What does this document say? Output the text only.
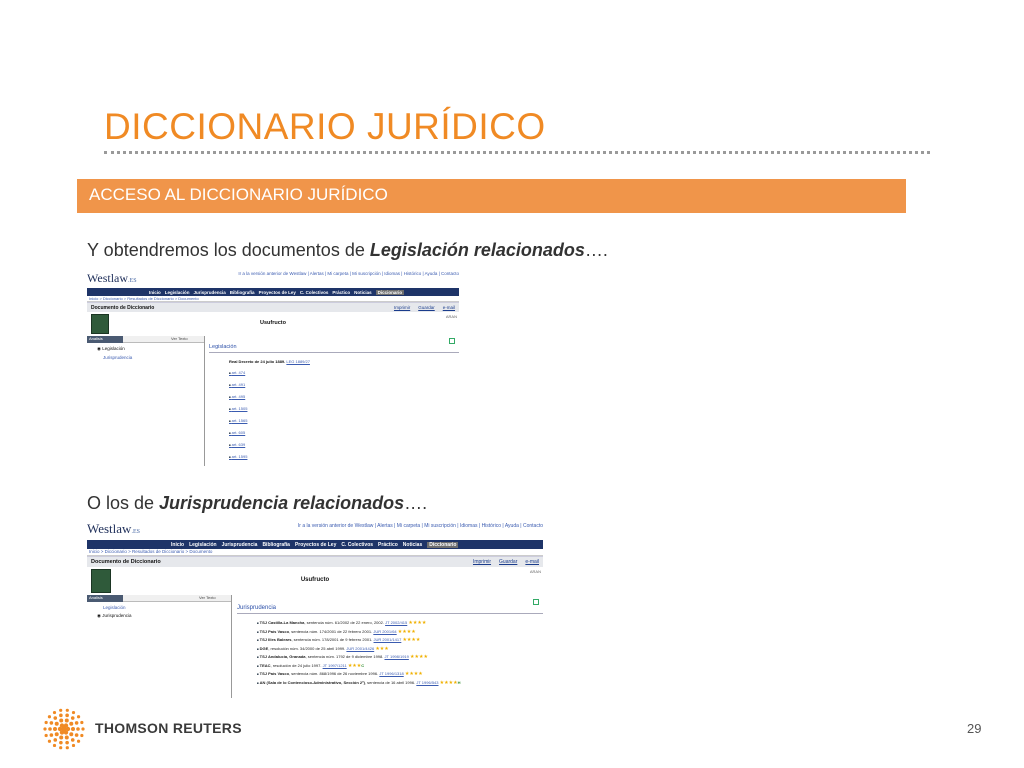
DICCIONARIO JURÍDICO
ACCESO AL DICCIONARIO JURÍDICO
Y obtendremos los documentos de Legislación relacionados….
Westlaw.ES
Ir a la versión anterior de Westlaw | Alertas | Mi carpeta | Mi suscripción | Idiomas | Histórico | Ayuda | Contacto
Inicio Legislación Jurisprudencia Bibliografía Proyectos de Ley C. Colectivos Práctico Noticias	Diccionario
Inicio > Diccionario > Resultados de Diccionario > Documento
Documento de Diccionario	Imprimir Guardar e-mail
Usufructo
ARAN
Analisis	Ver Texto
◉ Legislación
Jurisprudencia
Legislación
Real Decreto de 24 julio 1889. LEG 1889/27
■ art. 474
■ art. 491
■ art. 495
■ art. 1505
■ art. 1565
■ art. 605
■ art. 639
■ art. 1595
O los de Jurisprudencia relacionados….
Westlaw.ES
Ir a la versión anterior de Westlaw | Alertas | Mi carpeta | Mi suscripción | Idiomas | Histórico | Ayuda | Contacto
Inicio Legislación Jurisprudencia Bibliografía Proyectos de Ley C. Colectivos Práctico Noticias	Diccionario
Inicio > Diccionario > Resultados de Diccionario > Documento
Documento de Diccionario	Imprimir Guardar e-mail
Usufructo
ARAN
Analisis	Ver Texto
Legislación
◉ Jurisprudencia
Jurisprudencia
■ TSJ Castilla-La Mancha, sentencia núm. 61/2002 de 22 enero, 2002. JT 2002/415 ★★★★
■ TSJ País Vasco, sentencia núm. 174/2001 de 22 febrero 2001. JUR 2001/64 ★★★★
■ TSJ Illes Balears, sentencia núm. 178/2001 de 9 febrero 2001. JUR 2001/1417 ★★★★
■ DGE, resolución núm. 34/2000 de 25 abril 1999. JUR 2001/4426 ★★★
■ TSJ Andalucía, Granada, sentencia núm. 1792 de 9 diciembre 1998. JT 1998/1919 ★★★★
■ TEAC, resolución de 24 julio 1997. JT 1997/1211 ★★★C
■ TSJ País Vasco, sentencia núm. 868/1996 de 26 noviembre 1996. JT 1996/1318 ★★★★
■ AN (Sala de lo Contencioso-Administrativo, Sección 2ª), sentencia de 16 abril 1996. JT 1996/543 ★★★★H
THOMSON REUTERS	29
